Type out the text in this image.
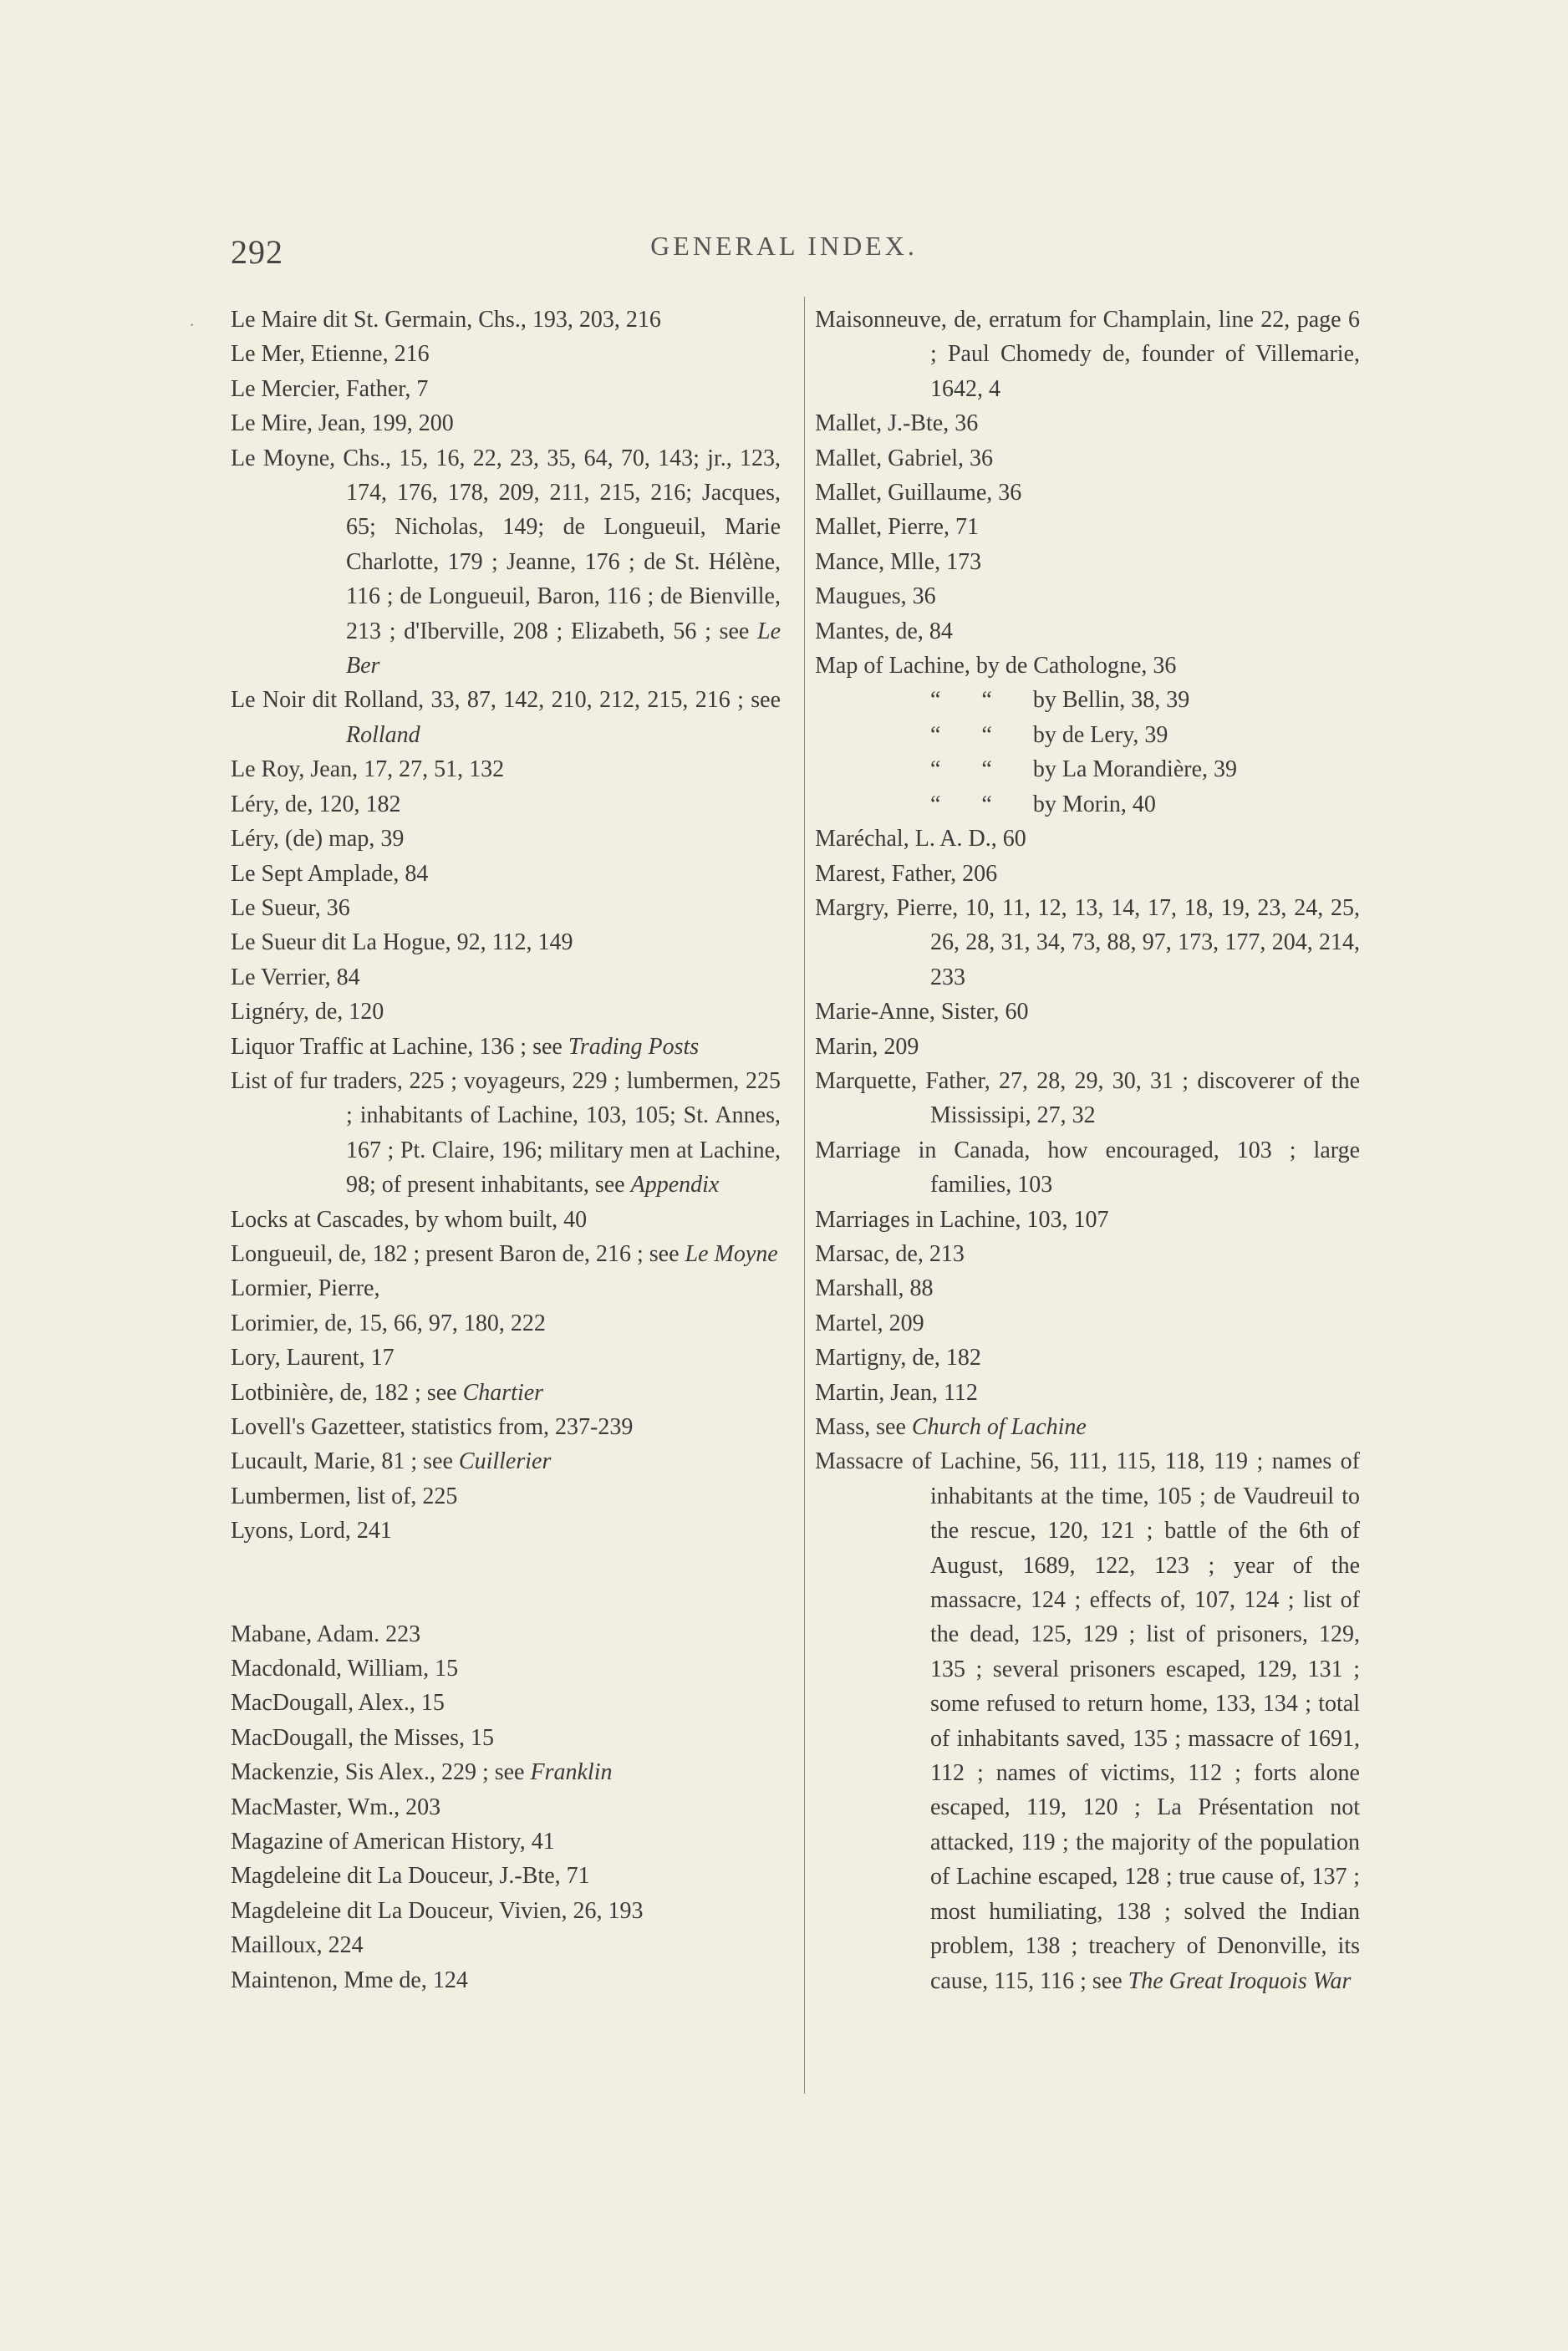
292	GENERAL INDEX.
· Le Maire dit St. Germain, Chs., 193, 203, 216
Le Mer, Etienne, 216
Le Mercier, Father, 7
Le Mire, Jean, 199, 200
Le Moyne, Chs., 15, 16, 22, 23, 35, 64, 70, 143; jr., 123, 174, 176, 178, 209, 211, 215, 216; Jacques, 65; Nicholas, 149; de Longueuil, Marie Charlotte, 179 ; Jeanne, 176 ; de St. Hélène, 116 ; de Longueuil, Baron, 116 ; de Bienville, 213 ; d'Iberville, 208 ; Elizabeth, 56 ; see Le Ber
Le Noir dit Rolland, 33, 87, 142, 210, 212, 215, 216 ; see Rolland
Le Roy, Jean, 17, 27, 51, 132
Léry, de, 120, 182
Léry, (de) map, 39
Le Sept Amplade, 84
Le Sueur, 36
Le Sueur dit La Hogue, 92, 112, 149
Le Verrier, 84
Lignéry, de, 120
Liquor Traffic at Lachine, 136 ; see Trading Posts
List of fur traders, 225 ; voyageurs, 229 ; lumbermen, 225 ; inhabitants of Lachine, 103, 105; St. Annes, 167 ; Pt. Claire, 196; military men at Lachine, 98; of present inhabitants, see Appendix
Locks at Cascades, by whom built, 40
Longueuil, de, 182 ; present Baron de, 216 ; see Le Moyne
Lormier, Pierre,
Lorimier, de, 15, 66, 97, 180, 222
Lory, Laurent, 17
Lotbinière, de, 182 ; see Chartier
Lovell's Gazetteer, statistics from, 237-239
Lucault, Marie, 81 ; see Cuillerier
Lumbermen, list of, 225
Lyons, Lord, 241
Mabane, Adam. 223
Macdonald, William, 15
MacDougall, Alex., 15
MacDougall, the Misses, 15
Mackenzie, Sis Alex., 229 ; see Franklin
MacMaster, Wm., 203
Magazine of American History, 41
Magdeleine dit La Douceur, J.-Bte, 71
Magdeleine dit La Douceur, Vivien, 26, 193
Mailloux, 224
Maintenon, Mme de, 124
Maisonneuve, de, erratum for Champlain, line 22, page 6 ; Paul Chomedy de, founder of Villemarie, 1642, 4
Mallet, J.-Bte, 36
Mallet, Gabriel, 36
Mallet, Guillaume, 36
Mallet, Pierre, 71
Mance, Mlle, 173
Maugues, 36
Mantes, de, 84
Map of Lachine, by de Cathologne, 36
“       “       by Bellin, 38, 39
“       “       by de Lery, 39
“       “       by La Morandière, 39
“       “       by Morin, 40
Maréchal, L. A. D., 60
Marest, Father, 206
Margry, Pierre, 10, 11, 12, 13, 14, 17, 18, 19, 23, 24, 25, 26, 28, 31, 34, 73, 88, 97, 173, 177, 204, 214, 233
Marie-Anne, Sister, 60
Marin, 209
Marquette, Father, 27, 28, 29, 30, 31 ; discoverer of the Mississipi, 27, 32
Marriage in Canada, how encouraged, 103 ; large families, 103
Marriages in Lachine, 103, 107
Marsac, de, 213
Marshall, 88
Martel, 209
Martigny, de, 182
Martin, Jean, 112
Mass, see Church of Lachine
Massacre of Lachine, 56, 111, 115, 118, 119 ; names of inhabitants at the time, 105 ; de Vaudreuil to the rescue, 120, 121 ; battle of the 6th of August, 1689, 122, 123 ; year of the massacre, 124 ; effects of, 107, 124 ; list of the dead, 125, 129 ; list of prisoners, 129, 135 ; several prisoners escaped, 129, 131 ; some refused to return home, 133, 134 ; total of inhabitants saved, 135 ; massacre of 1691, 112 ; names of victims, 112 ; forts alone escaped, 119, 120 ; La Présentation not attacked, 119 ; the majority of the population of Lachine escaped, 128 ; true cause of, 137 ; most humiliating, 138 ; solved the Indian problem, 138 ; treachery of Denonville, its cause, 115, 116 ; see The Great Iroquois War
